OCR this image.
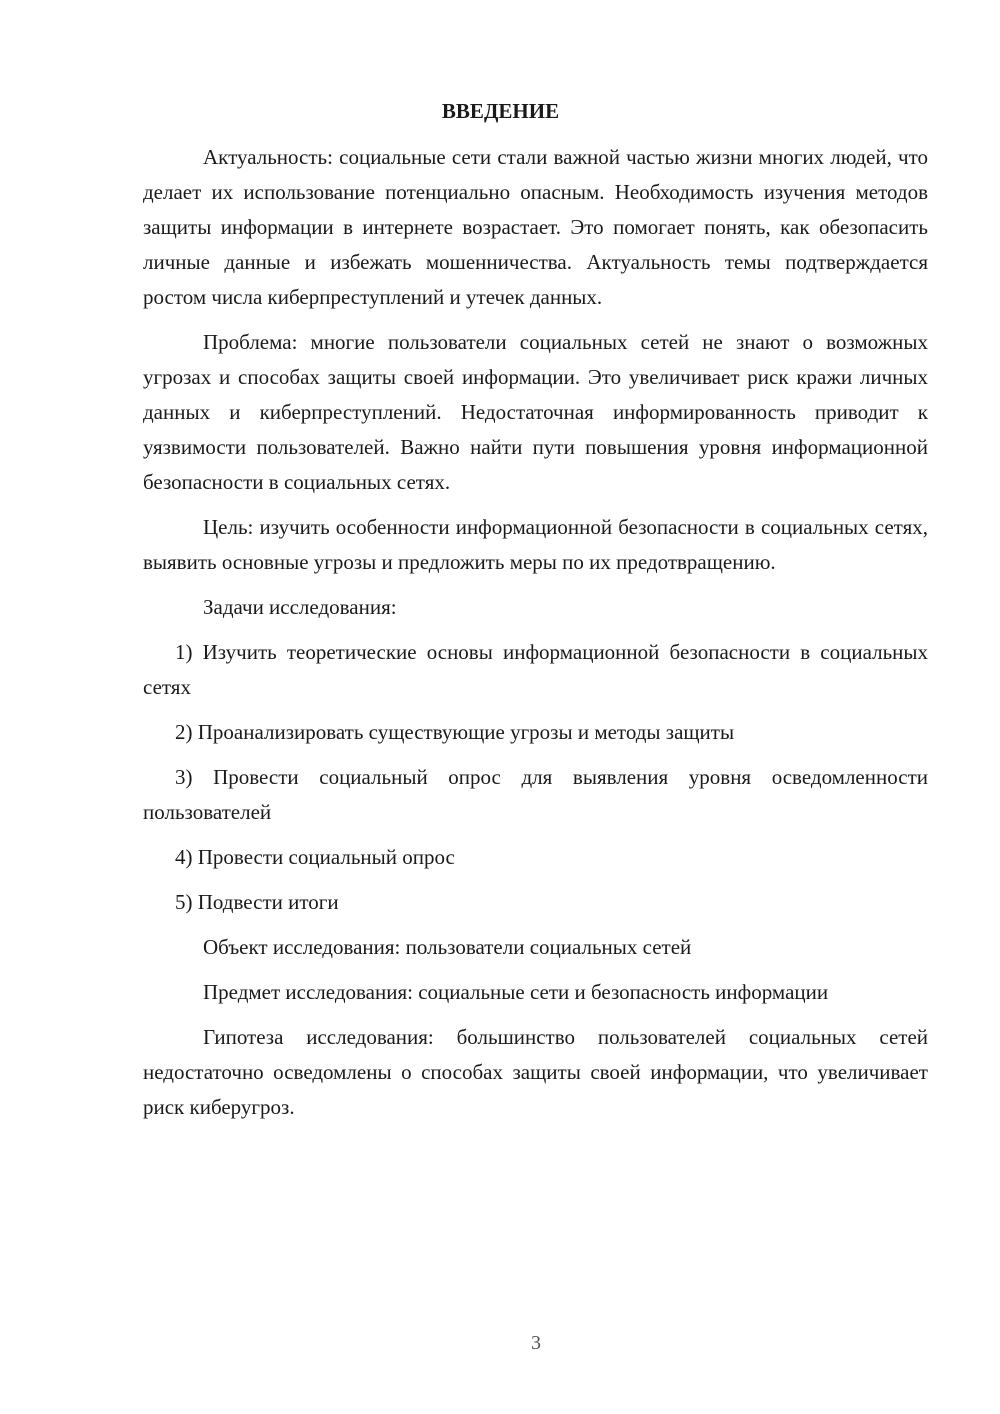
ВВЕДЕНИЕ

Актуальность: социальные сети стали важной частью жизни многих людей, что делает их использование потенциально опасным. Необходимость изучения методов защиты информации в интернете возрастает. Это помогает понять, как обезопасить личные данные и избежать мошенничества. Актуальность темы подтверждается ростом числа киберпреступлений и утечек данных.

Проблема: многие пользователи социальных сетей не знают о возможных угрозах и способах защиты своей информации. Это увеличивает риск кражи личных данных и киберпреступлений. Недостаточная информированность приводит к уязвимости пользователей. Важно найти пути повышения уровня информационной безопасности в социальных сетях.

Цель: изучить особенности информационной безопасности в социальных сетях, выявить основные угрозы и предложить меры по их предотвращению.

Задачи исследования:

1) Изучить теоретические основы информационной безопасности в социальных сетях

2) Проанализировать существующие угрозы и методы защиты

3) Провести социальный опрос для выявления уровня осведомленности пользователей

4) Провести социальный опрос

5) Подвести итоги

Объект исследования: пользователи социальных сетей

Предмет исследования: социальные сети и безопасность информации

Гипотеза исследования: большинство пользователей социальных сетей недостаточно осведомлены о способах защиты своей информации, что увеличивает риск киберугроз.

3
